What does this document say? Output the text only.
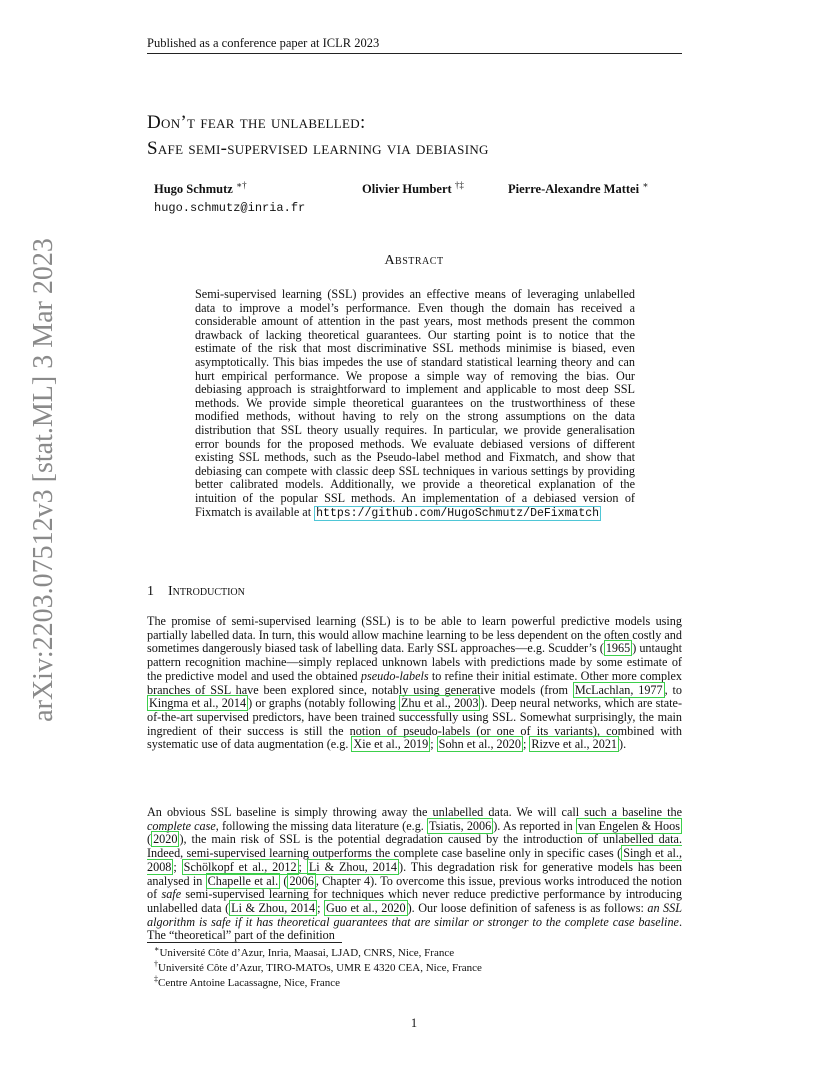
arXiv:2203.07512v3 [stat.ML] 3 Mar 2023
Published as a conference paper at ICLR 2023
Don’t fear the unlabelled:
Safe semi-supervised learning via debiasing
Hugo Schmutz ∗†	Olivier Humbert †‡	Pierre-Alexandre Mattei ∗
hugo.schmutz@inria.fr
Abstract
Semi-supervised learning (SSL) provides an effective means of leveraging unlabelled data to improve a model’s performance. Even though the domain has received a considerable amount of attention in the past years, most methods present the common drawback of lacking theoretical guarantees. Our starting point is to notice that the estimate of the risk that most discriminative SSL methods minimise is biased, even asymptotically. This bias impedes the use of standard statistical learning theory and can hurt empirical performance. We propose a simple way of removing the bias. Our debiasing approach is straightforward to implement and applicable to most deep SSL methods. We provide simple theoretical guarantees on the trustworthiness of these modified methods, without having to rely on the strong assumptions on the data distribution that SSL theory usually requires. In particular, we provide generalisation error bounds for the proposed methods. We evaluate debiased versions of different existing SSL methods, such as the Pseudo-label method and Fixmatch, and show that debiasing can compete with classic deep SSL techniques in various settings by providing better calibrated models. Additionally, we provide a theoretical explanation of the intuition of the popular SSL methods. An implementation of a debiased version of Fixmatch is available at https://github.com/HugoSchmutz/DeFixmatch
1 Introduction
The promise of semi-supervised learning (SSL) is to be able to learn powerful predictive models using partially labelled data. In turn, this would allow machine learning to be less dependent on the often costly and sometimes dangerously biased task of labelling data. Early SSL approaches—e.g. Scudder’s ( 1965 ) untaught pattern recognition machine—simply replaced unknown labels with predictions made by some estimate of the predictive model and used the obtained pseudo-labels to refine their initial estimate. Other more complex branches of SSL have been explored since, notably using generative models (from McLachlan, 1977 , to Kingma et al., 2014 ) or graphs (notably following Zhu et al., 2003 ). Deep neural networks, which are state-of-the-art supervised predictors, have been trained successfully using SSL. Somewhat surprisingly, the main ingredient of their success is still the notion of pseudo-labels (or one of its variants), combined with systematic use of data augmentation (e.g. Xie et al., 2019 ; Sohn et al., 2020 ; Rizve et al., 2021 ).
An obvious SSL baseline is simply throwing away the unlabelled data. We will call such a baseline the complete case, following the missing data literature (e.g. Tsiatis, 2006 ). As reported in van Engelen & Hoos ( 2020 ), the main risk of SSL is the potential degradation caused by the introduction of unlabelled data. Indeed, semi-supervised learning outperforms the complete case baseline only in specific cases ( Singh et al., 2008 ; Schölkopf et al., 2012 ; Li & Zhou, 2014 ). This degradation risk for generative models has been analysed in Chapelle et al. ( 2006 , Chapter 4). To overcome this issue, previous works introduced the notion of safe semi-supervised learning for techniques which never reduce predictive performance by introducing unlabelled data ( Li & Zhou, 2014 ; Guo et al., 2020 ). Our loose definition of safeness is as follows: an SSL algorithm is safe if it has theoretical guarantees that are similar or stronger to the complete case baseline. The “theoretical” part of the definition
∗Université Côte d’Azur, Inria, Maasai, LJAD, CNRS, Nice, France
†Université Côte d’Azur, TIRO-MATOs, UMR E 4320 CEA, Nice, France
‡Centre Antoine Lacassagne, Nice, France
1
